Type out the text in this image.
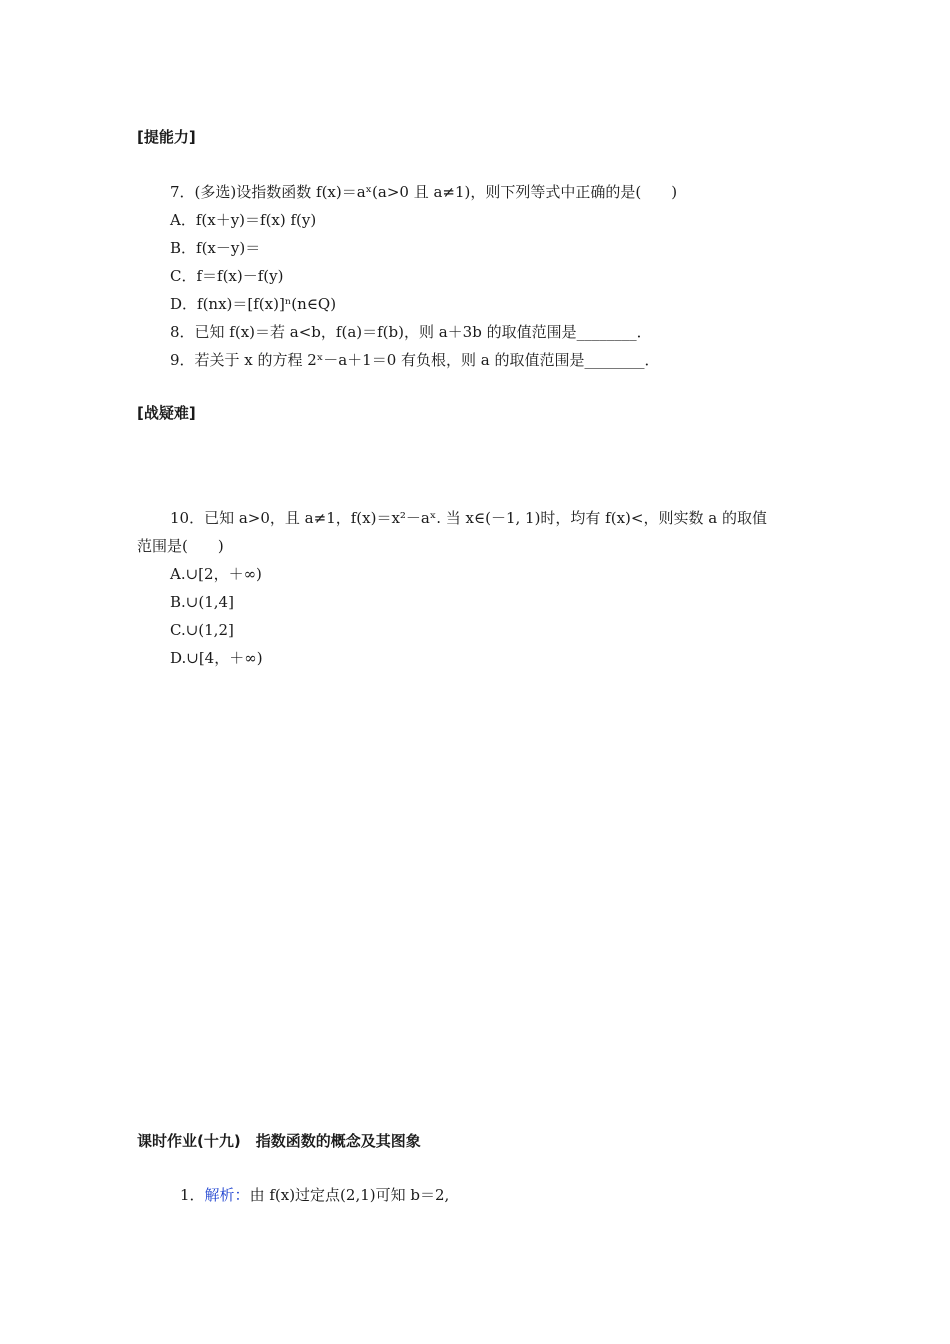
[提能力]
7．(多选)设指数函数 f(x)＝aˣ(a>0 且 a≠1)，则下列等式中正确的是(　　)
A．f(x＋y)＝f(x) f(y)
B．f(x－y)＝
C．f＝f(x)－f(y)
D．f(nx)＝[f(x)]ⁿ(n∈Q)
8．已知 f(x)＝若 a<b，f(a)＝f(b)，则 a＋3b 的取值范围是________．
9．若关于 x 的方程 2ˣ－a＋1＝0 有负根，则 a 的取值范围是________．
[战疑难]
10．已知 a>0，且 a≠1，f(x)＝x²－aˣ. 当 x∈(－1, 1)时，均有 f(x)<，则实数 a 的取值
范围是(　　)
A.∪[2，＋∞)
B.∪(1,4]
C.∪(1,2]
D.∪[4，＋∞)
课时作业(十九)　指数函数的概念及其图象
1．解析：由 f(x)过定点(2,1)可知 b＝2,
